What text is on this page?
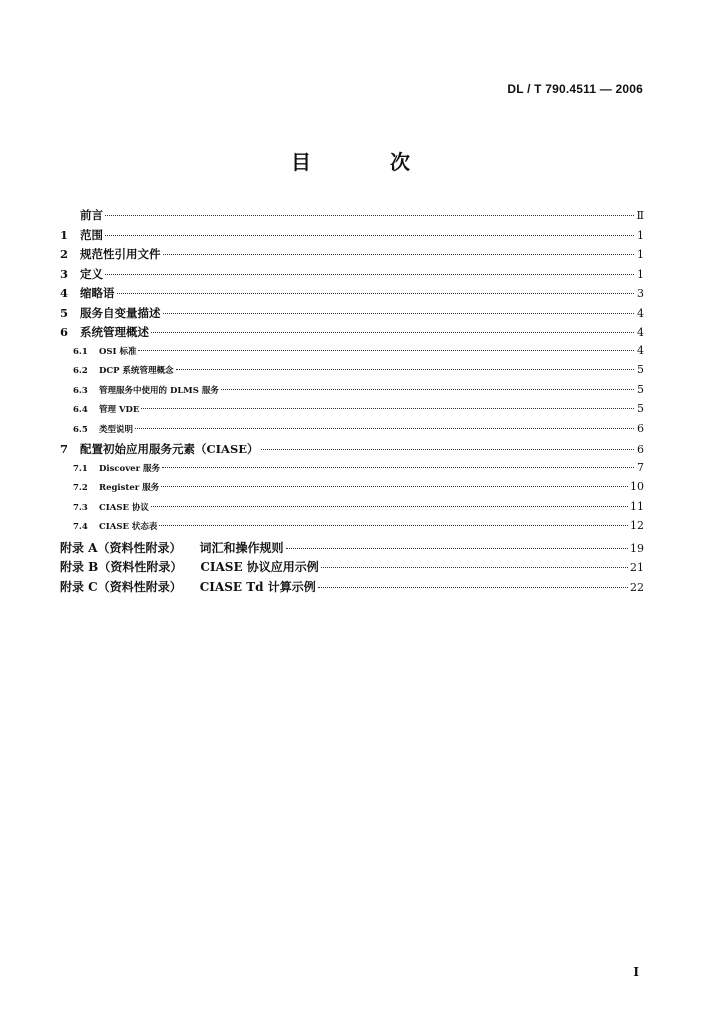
DL / T 790.4511 — 2006
目 次
前言	Ⅱ
1	范围	1
2	规范性引用文件	1
3	定义	1
4	缩略语	3
5	服务自变量描述	4
6	系统管理概述	4
6.1	OSI 标准	4
6.2	DCP 系统管理概念	5
6.3	管理服务中使用的 DLMS 服务	5
6.4	管理 VDE	5
6.5	类型说明	6
7	配置初始应用服务元素（CIASE）	6
7.1	Discover 服务	7
7.2	Register 服务	10
7.3	CIASE 协议	11
7.4	CIASE 状态表	12
附录 A（资料性附录） 词汇和操作规则	19
附录 B（资料性附录） CIASE 协议应用示例	21
附录 C（资料性附录） CIASE Td 计算示例	22
I
